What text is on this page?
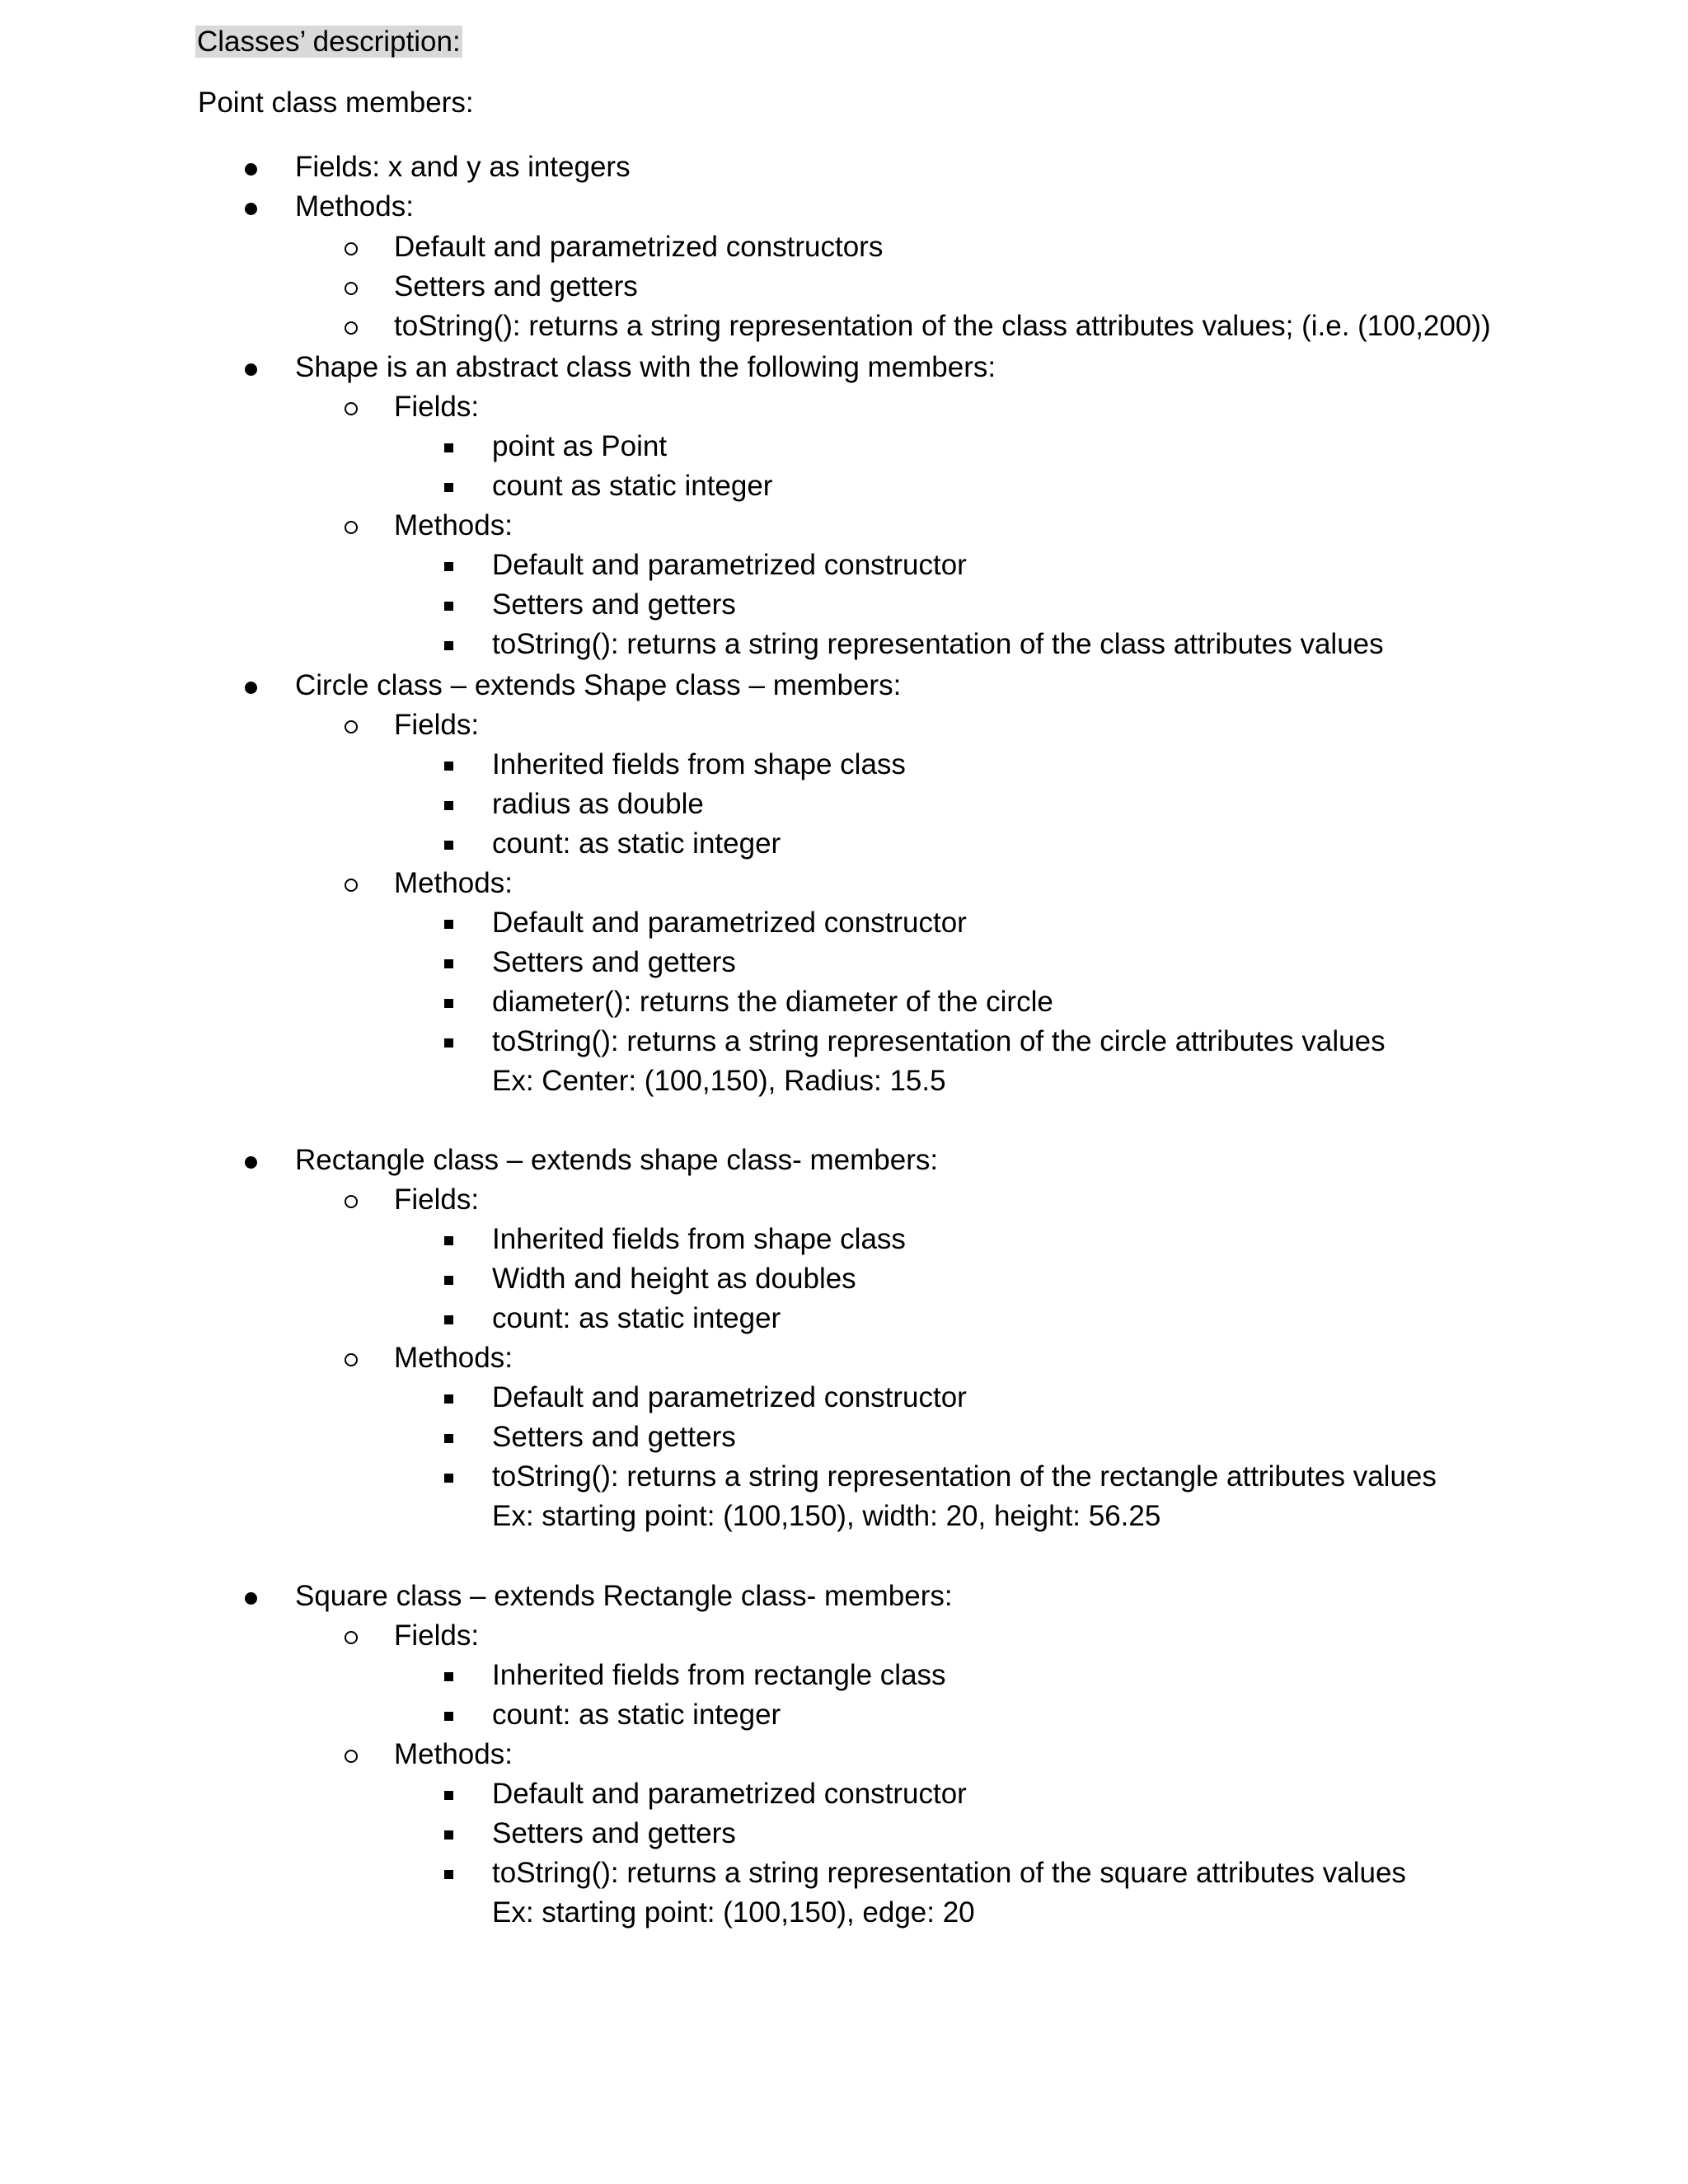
Classes’ description:
Point class members:
Fields: x and y as integers
Methods:
Default and parametrized constructors
Setters and getters
toString(): returns a string representation of the class attributes values; (i.e. (100,200))
Shape is an abstract class with the following members:
Fields:
point as Point
count as static integer
Methods:
Default and parametrized constructor
Setters and getters
toString(): returns a string representation of the class attributes values
Circle class – extends Shape class – members:
Fields:
Inherited fields from shape class
radius as double
count: as static integer
Methods:
Default and parametrized constructor
Setters and getters
diameter(): returns the diameter of the circle
toString(): returns a string representation of the circle attributes values
Ex: Center: (100,150), Radius: 15.5
Rectangle class – extends shape class- members:
Fields:
Inherited fields from shape class
Width and height as doubles
count: as static integer
Methods:
Default and parametrized constructor
Setters and getters
toString(): returns a string representation of the rectangle attributes values
Ex: starting point: (100,150), width: 20, height: 56.25
Square class – extends Rectangle class- members:
Fields:
Inherited fields from rectangle class
count: as static integer
Methods:
Default and parametrized constructor
Setters and getters
toString(): returns a string representation of the square attributes values
Ex: starting point: (100,150), edge: 20
